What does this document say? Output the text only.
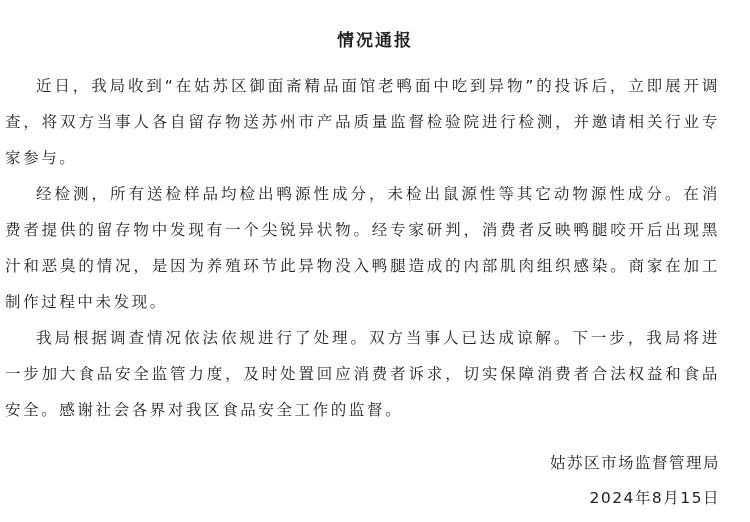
情况通报

近日，我局收到“在姑苏区御面斋精品面馆老鸭面中吃到异物”的投诉后，立即展开调查，将双方当事人各自留存物送苏州市产品质量监督检验院进行检测，并邀请相关行业专家参与。

经检测，所有送检样品均检出鸭源性成分，未检出鼠源性等其它动物源性成分。在消费者提供的留存物中发现有一个尖锐异状物。经专家研判，消费者反映鸭腿咬开后出现黑汁和恶臭的情况，是因为养殖环节此异物没入鸭腿造成的内部肌肉组织感染。商家在加工制作过程中未发现。

我局根据调查情况依法依规进行了处理。双方当事人已达成谅解。下一步，我局将进一步加大食品安全监管力度，及时处置回应消费者诉求，切实保障消费者合法权益和食品安全。感谢社会各界对我区食品安全工作的监督。

姑苏区市场监督管理局
2024年8月15日
